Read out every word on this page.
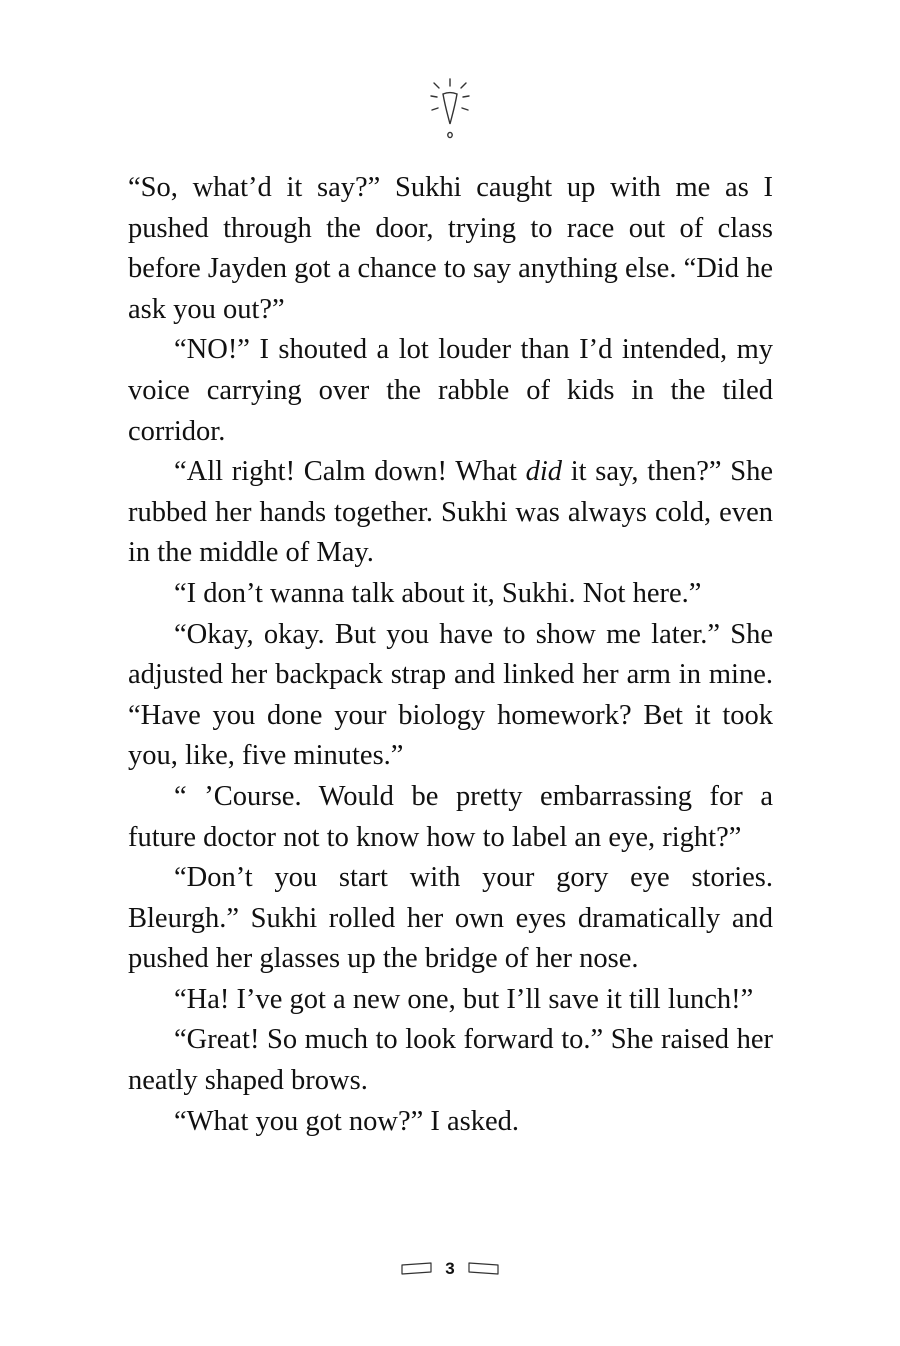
“So, what’d it say?” Sukhi caught up with me as I pushed through the door, trying to race out of class before Jayden got a chance to say anything else. “Did he ask you out?”

“NO!” I shouted a lot louder than I’d intended, my voice carrying over the rabble of kids in the tiled corridor.

“All right! Calm down! What did it say, then?” She rubbed her hands together. Sukhi was always cold, even in the middle of May.

“I don’t wanna talk about it, Sukhi. Not here.”

“Okay, okay. But you have to show me later.” She adjusted her backpack strap and linked her arm in mine. “Have you done your biology homework? Bet it took you, like, five minutes.”

“ ’Course. Would be pretty embarrassing for a future doctor not to know how to label an eye, right?”

“Don’t you start with your gory eye stories. Bleurgh.” Sukhi rolled her own eyes dramatically and pushed her glasses up the bridge of her nose.

“Ha! I’ve got a new one, but I’ll save it till lunch!”

“Great! So much to look forward to.” She raised her neatly shaped brows.

“What you got now?” I asked.

3
